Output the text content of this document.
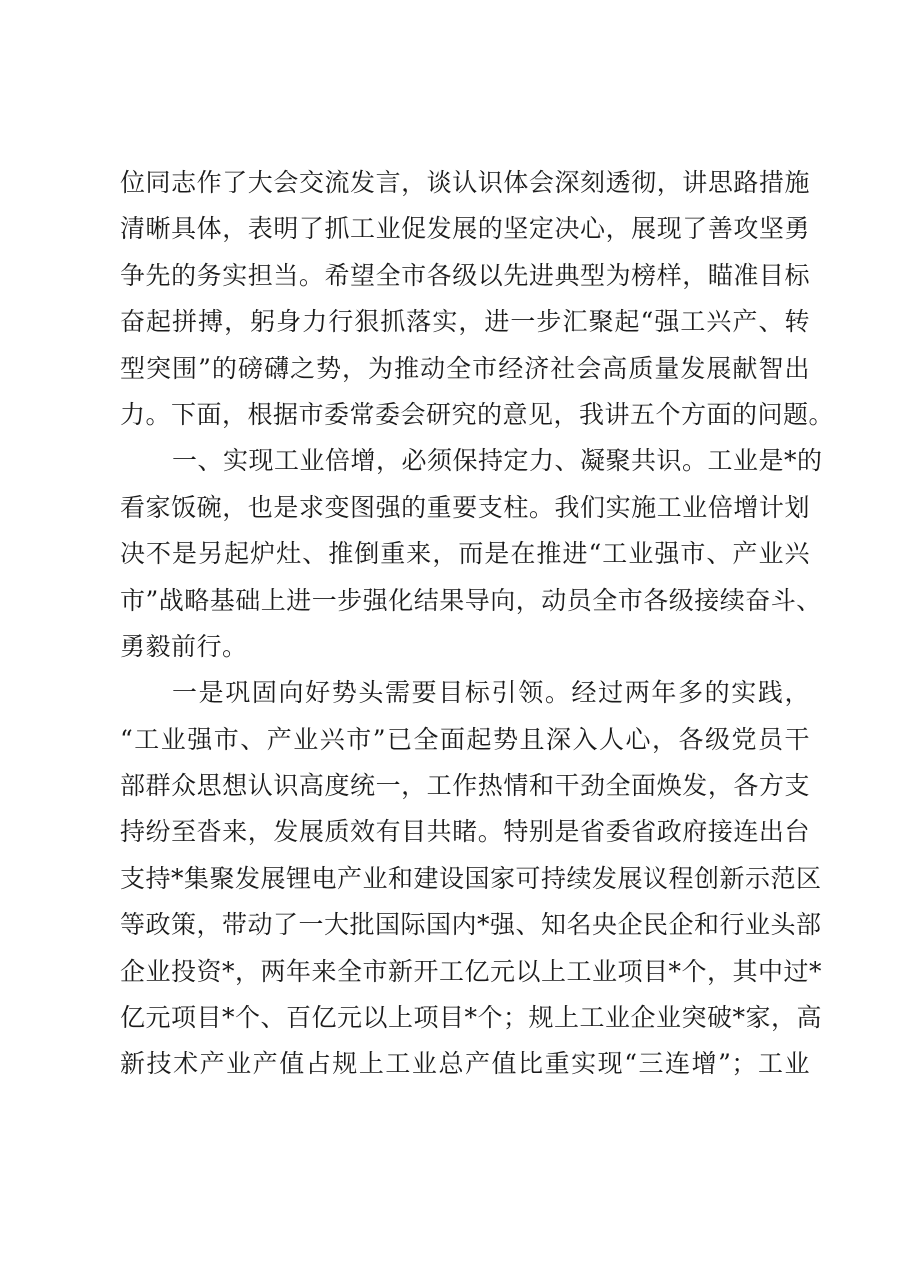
位同志作了大会交流发言，谈认识体会深刻透彻，讲思路措施
清晰具体，表明了抓工业促发展的坚定决心，展现了善攻坚勇
争先的务实担当。希望全市各级以先进典型为榜样，瞄准目标
奋起拼搏，躬身力行狠抓落实，进一步汇聚起“强工兴产、转
型突围”的磅礴之势，为推动全市经济社会高质量发展献智出
力。下面，根据市委常委会研究的意见，我讲五个方面的问题。
一、实现工业倍增，必须保持定力、凝聚共识。工业是*的
看家饭碗，也是求变图强的重要支柱。我们实施工业倍增计划
决不是另起炉灶、推倒重来，而是在推进“工业强市、产业兴
市”战略基础上进一步强化结果导向，动员全市各级接续奋斗、
勇毅前行。
一是巩固向好势头需要目标引领。经过两年多的实践，
“工业强市、产业兴市”已全面起势且深入人心，各级党员干
部群众思想认识高度统一，工作热情和干劲全面焕发，各方支
持纷至沓来，发展质效有目共睹。特别是省委省政府接连出台
支持*集聚发展锂电产业和建设国家可持续发展议程创新示范区
等政策，带动了一大批国际国内*强、知名央企民企和行业头部
企业投资*，两年来全市新开工亿元以上工业项目*个，其中过*
亿元项目*个、百亿元以上项目*个；规上工业企业突破*家，高
新技术产业产值占规上工业总产值比重实现“三连增”；工业
